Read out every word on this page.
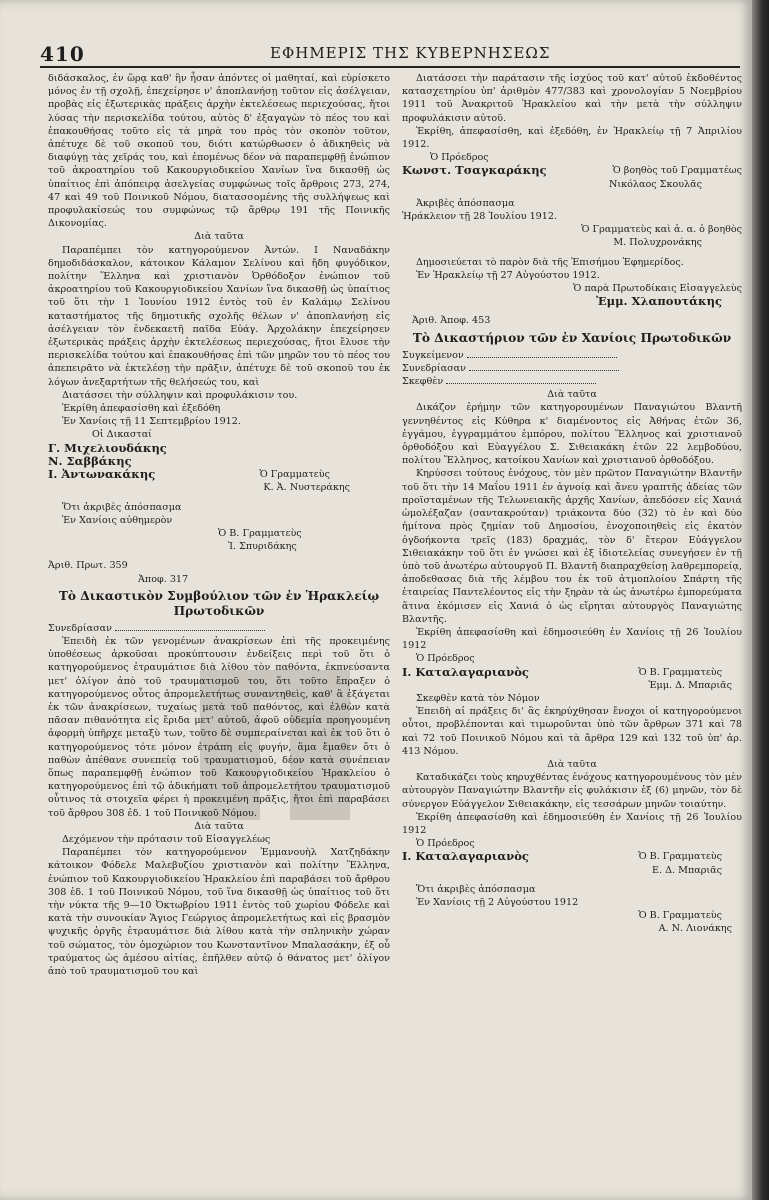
410	ΕΦΗΜΕΡΙΣ ΤΗΣ ΚΥΒΕΡΝΗΣΕΩΣ

διδάσκαλος, ἐν ὥρᾳ καθ' ἣν ἦσαν ἀπόντες οἱ μαθηταί, καὶ εὑρίσκετο μόνος ἐν τῇ σχολῇ, ἐπεχείρησε ν' ἀποπλανήσῃ τοῦτον εἰς ἀσέλγειαν, προβὰς εἰς ἐξωτερικὰς πράξεις ἀρχὴν ἐκτελέσεως περιεχούσας, ἤτοι λύσας τὴν περισκελίδα τούτου, αὐτὸς δ' ἐξαγαγὼν τὸ πέος του καὶ ἐπακουθήσας τοῦτο εἰς τὰ μηρὰ του πρὸς τὸν σκοπὸν τοῦτον, ἀπέτυχε δὲ τοῦ σκοποῦ του, διότι κατώρθωσεν ὁ ἀδικηθεὶς νὰ διαφύγῃ τὰς χεῖράς του, καὶ ἐπομένως δέον νὰ παραπεμφθῇ ἐνώπιον τοῦ ἀκροατηρίου τοῦ Κακουργιοδικείου Χανίων ἵνα δικασθῇ ὡς ὑπαίτιος ἐπὶ ἀπόπειρᾳ ἀσελγείας συμφώνως τοῖς ἄρθροις 273, 274, 47 καὶ 49 τοῦ Ποινικοῦ Νόμου, διατασσομένης τῆς συλλήψεως καὶ προφυλακίσεώς του συμφώνως τῷ ἄρθρῳ 191 τῆς Ποινικῆς Δικονομίας.

Διὰ ταῦτα

Παραπέμπει τὸν κατηγορούμενον Ἀντών. Ι Ναναδάκην δημοδιδάσκαλον, κάτοικον Κάλαμον Σελίνου καὶ ἤδη φυγόδικον, πολίτην Ἕλληνα καὶ χριστιανὸν Ὀρθόδοξον ἐνώπιον τοῦ ἀκροατηρίου τοῦ Κακουργιοδικείου Χανίων ἵνα δικασθῇ ὡς ὑπαίτιος τοῦ ὅτι τὴν 1 Ἰουνίου 1912 ἐντὸς τοῦ ἐν Καλάμῳ Σελίνου καταστήματος τῆς δημοτικῆς σχολῆς θέλων ν' ἀποπλανήσῃ εἰς ἀσέλγειαν τὸν ἑνδεκαετῆ παῖδα Εὐάγ. Ἀρχολάκην ἐπεχείρησεν ἐξωτερικὰς πράξεις ἀρχὴν ἐκτελέσεως περιεχούσας, ἤτοι ἔλυσε τὴν περισκελίδα τούτου καὶ ἐπακουθήσας ἐπὶ τῶν μηρῶν του τὸ πέος του ἀπεπειρᾶτο νὰ ἐκτελέσῃ τὴν πρᾶξιν, ἀπέτυχε δὲ τοῦ σκοποῦ του ἐκ λόγων ἀνεξαρτήτων τῆς θελήσεώς του, καὶ

Διατάσσει τὴν σύλληψιν καὶ προφυλάκισιν του.

Ἐκρίθη ἀπεφασίσθη καὶ ἐξεδόθη

Ἐν Χανίοις τῇ 11 Σεπτεμβρίου 1912.

Οἱ Δικασταί

Γ. Μιχελιουδάκης

Ν. Σαββάκης

Ι. Ἀντωνακάκης	Ὁ Γραμματεὺς

Κ. Ἀ. Νυστεράκης

Ὅτι ἀκριβὲς ἀπόσπασμα

Ἐν Χανίοις αὐθημερὸν

Ὁ Β. Γραμματεὺς

Ἰ. Σπυριδάκης

Ἀριθ. Πρωτ. 359

Ἀποφ. 317

Τὸ Δικαστικὸν Συμβούλιον τῶν ἐν Ἡρακλείῳ Πρωτοδικῶν

Συνεδρίασαν

Ἐπειδὴ ἐκ τῶν γενομένων ἀνακρίσεων ἐπὶ τῆς προκειμένης ὑποθέσεως ἀρκοῦσαι προκύπτουσιν ἐνδείξεις περὶ τοῦ ὅτι ὁ κατηγορούμενος ἐτραυμάτισε διὰ λίθου τὸν παθόντα, ἐκπνεύσαντα μετ' ὀλίγον ἀπὸ τοῦ τραυματισμοῦ του, ὅτι τοῦτο ἔπραξεν ὁ κατηγορούμενος οὗτος ἀπρομελετήτως συναντηθεὶς, καθ' ἃ ἐξάγεται ἐκ τῶν ἀνακρίσεων, τυχαίως μετὰ τοῦ παθόντος, καὶ ἐλθὼν κατὰ πᾶσαν πιθανότητα εἰς ἔριδα μετ' αὐτοῦ, ἀφοῦ οὐδεμία προηγουμένη ἀφορμὴ ὑπῆρχε μεταξὺ των, τοῦτο δὲ συμπεραίνεται καὶ ἐκ τοῦ ὅτι ὁ κατηγορούμενος τότε μόνον ἐτράπη εἰς φυγήν, ἅμα ἔμαθεν ὅτι ὁ παθὼν ἀπέθανε συνεπείᾳ τοῦ τραυματισμοῦ, δέον κατὰ συνέπειαν ὅπως παραπεμφθῇ ἐνώπιον τοῦ Κακουργιοδικείου Ἡρακλείου ὁ κατηγορούμενος ἐπὶ τῷ ἀδικήματι τοῦ ἀπρομελετήτου τραυματισμοῦ οὗτινος τὰ στοιχεῖα φέρει ἡ προκειμένη πρᾶξις, ἤτοι ἐπὶ παραβάσει τοῦ ἄρθρου 308 ἐδ. 1 τοῦ Ποινικοῦ Νόμου.

Διὰ ταῦτα

Δεχόμενον τὴν πρότασιν τοῦ Εἰσαγγελέως

Παραπέμπει τὸν κατηγορούμενον Ἐμμανουὴλ Χατζηδάκην κάτοικον Φόδελε Μαλεβυζίου χριστιανὸν καὶ πολίτην Ἕλληνα, ἐνώπιον τοῦ Κακουργιοδικείου Ἡρακλείου ἐπὶ παραβάσει τοῦ ἄρθρου 308 ἐδ. 1 τοῦ Ποινικοῦ Νόμου, τοῦ ἵνα δικασθῇ ὡς ὑπαίτιος τοῦ ὅτι τὴν νύκτα τῆς 9—10 Ὀκτωβρίου 1911 ἐντὸς τοῦ χωρίου Φόδελε καὶ κατὰ τὴν συνοικίαν Ἅγιος Γεώργιος ἀπρομελετήτως καὶ εἰς βρασμὸν ψυχικῆς ὀργῆς ἐτραυμάτισε διὰ λίθου κατὰ τὴν σπληνικὴν χώραν τοῦ σώματος, τὸν ὁμοχώριον του Κωνσταντῖνον Μπαλασάκην, ἐξ οὗ τραύματος ὡς ἀμέσου αἰτίας, ἐπῆλθεν αὐτῷ ὁ θάνατος μετ' ὀλίγον ἀπὸ τοῦ τραυματισμοῦ του καὶ

Διατάσσει τὴν παράτασιν τῆς ἰσχύος τοῦ κατ' αὐτοῦ ἐκδοθέντος κατασχετηρίου ὑπ' ἀριθμὸν 477/383 καὶ χρονολογίαν 5 Νοεμβρίου 1911 τοῦ Ἀνακριτοῦ Ἡρακλείου καὶ τὴν μετὰ τὴν σύλληψιν προφυλάκισιν αὐτοῦ.

Ἐκρίθη, ἀπεφασίσθη, καὶ ἐξεδόθη, ἐν Ἡρακλείῳ τῇ 7 Ἀπριλίου 1912.

Ὁ Πρόεδρος

Κωνστ. Τσαγκαράκης	Ὁ βοηθὸς τοῦ Γραμματέως

Νικόλαος Σκουλᾶς

Ἀκριβὲς ἀπόσπασμα

Ἡράκλειον τῇ 28 Ἰουλίου 1912.

Ὁ Γραμματεὺς καὶ ἀ. α. ὁ βοηθὸς

Μ. Πολυχρονάκης

Δημοσιεύεται τὸ παρὸν διὰ τῆς Ἐπισήμου Ἐφημερίδος.

Ἐν Ἡρακλείῳ τῇ 27 Αὐγούστου 1912.

Ὁ παρὰ Πρωτοδίκαις Εἰσαγγελεὺς

Ἐμμ. Χλαπουτάκης

Ἀριθ. Ἀποφ. 453

Τὸ Δικαστήριον τῶν ἐν Χανίοις Πρωτοδικῶν

Συγκείμενον

Συνεδρίασαν

Σκεφθὲν

Διὰ ταῦτα

Δικάζον ἐρήμην τῶν κατηγορουμένων Παναγιώτου Βλαντῆ γεννηθέντος εἰς Κύθηρα κ' διαμένοντος εἰς Ἀθήνας ἐτῶν 36, ἐγγάμου, ἐγγραμμάτου ἐμπόρου, πολίτου Ἕλληνος καὶ χριστιανοῦ ὀρθοδόξου καὶ Εὐαγγέλου Σ. Σιθειακάκη ἐτῶν 22 λεμβοδύου, πολίτου Ἕλληνος, κατοίκου Χανίων καὶ χριστιανοῦ ὀρθοδόξου.

Κηρύσσει τούτους ἐνόχους, τὸν μὲν πρῶτον Παναγιώτην Βλαντῆν τοῦ ὅτι τὴν 14 Μαΐου 1911 ἐν ἀγνοίᾳ καὶ ἄνευ γραπτῆς ἀδείας τῶν προϊσταμένων τῆς Τελωνειακῆς ἀρχῆς Χανίων, ἀπεδόσεν εἰς Χανιά ὡμολέξαζαν (σαντακρούταν) τριάκοντα δύο (32) τὸ ἐν καὶ δύο ἡμίτονα πρὸς ζημίαν τοῦ Δημοσίου, ἐνοχοποιηθεὶς εἰς ἑκατὸν ὀγδοήκοντα τρεῖς (183) δραχμάς, τὸν δ' ἕτερον Εὐάγγελον Σιθειακάκην τοῦ ὅτι ἐν γνώσει καὶ ἐξ ἰδιοτελείας συνεγήσεν ἐν τῇ ὑπὸ τοῦ ἀνωτέρω αὐτουργοῦ Π. Βλαντῆ διαπραχθείσῃ λαθρεμπορείᾳ, ἀποδεθασας διὰ τῆς λέμβου του ἐκ τοῦ ἀτμοπλοίου Σπάρτη τῆς ἑταιρείας Παντελέοντος εἰς τὴν ξηρὰν τὰ ὡς ἀνωτέρω ἐμπορεύματα ἅτινα ἐκόμισεν εἰς Χανιά ὁ ὡς εἴρηται αὐτουργὸς Παναγιώτης Βλαντῆς.

Ἐκρίθη ἀπεφασίσθη καὶ ἐδημοσιεύθη ἐν Χανίοις τῇ 26 Ἰουλίου 1912

Ὁ Πρόεδρος

Ι. Καταλαγαριανὸς	Ὁ Β. Γραμματεὺς

Ἐμμ. Δ. Μπαριᾶς

Σκεφθὲν κατὰ τὸν Νόμον

Ἐπειδὴ αἱ πράξεις δι' ἃς ἐκηρύχθησαν ἔνοχοι οἱ κατηγορούμενοι οὗτοι, προβλέπονται καὶ τιμωροῦνται ὑπὸ τῶν ἄρθρων 371 καὶ 78 καὶ 72 τοῦ Ποινικοῦ Νόμου καὶ τὰ ἄρθρα 129 καὶ 132 τοῦ ὑπ' ἀρ. 413 Νόμου.

Διὰ ταῦτα

Καταδικάζει τοὺς κηρυχθέντας ἐνόχους κατηγορουμένους τὸν μὲν αὐτουργὸν Παναγιώτην Βλαντῆν εἰς φυλάκισιν ἐξ (6) μηνῶν, τὸν δὲ σύνεργον Εὐάγγελον Σιθειακάκην, εἰς τεσσάρων μηνῶν τοιαύτην.

Ἐκρίθη ἀπεφασίσθη καὶ ἐδημοσιεύθη ἐν Χανίοις τῇ 26 Ἰουλίου 1912

Ὁ Πρόεδρος

Ι. Καταλαγαριανὸς	Ὁ Β. Γραμματεὺς

Ε. Δ. Μπαριᾶς

Ὅτι ἀκριβὲς ἀπόσπασμα

Ἐν Χανίοις τῇ 2 Αὐγούστου 1912

Ὁ Β. Γραμματεὺς

Α. Ν. Λιονάκης
